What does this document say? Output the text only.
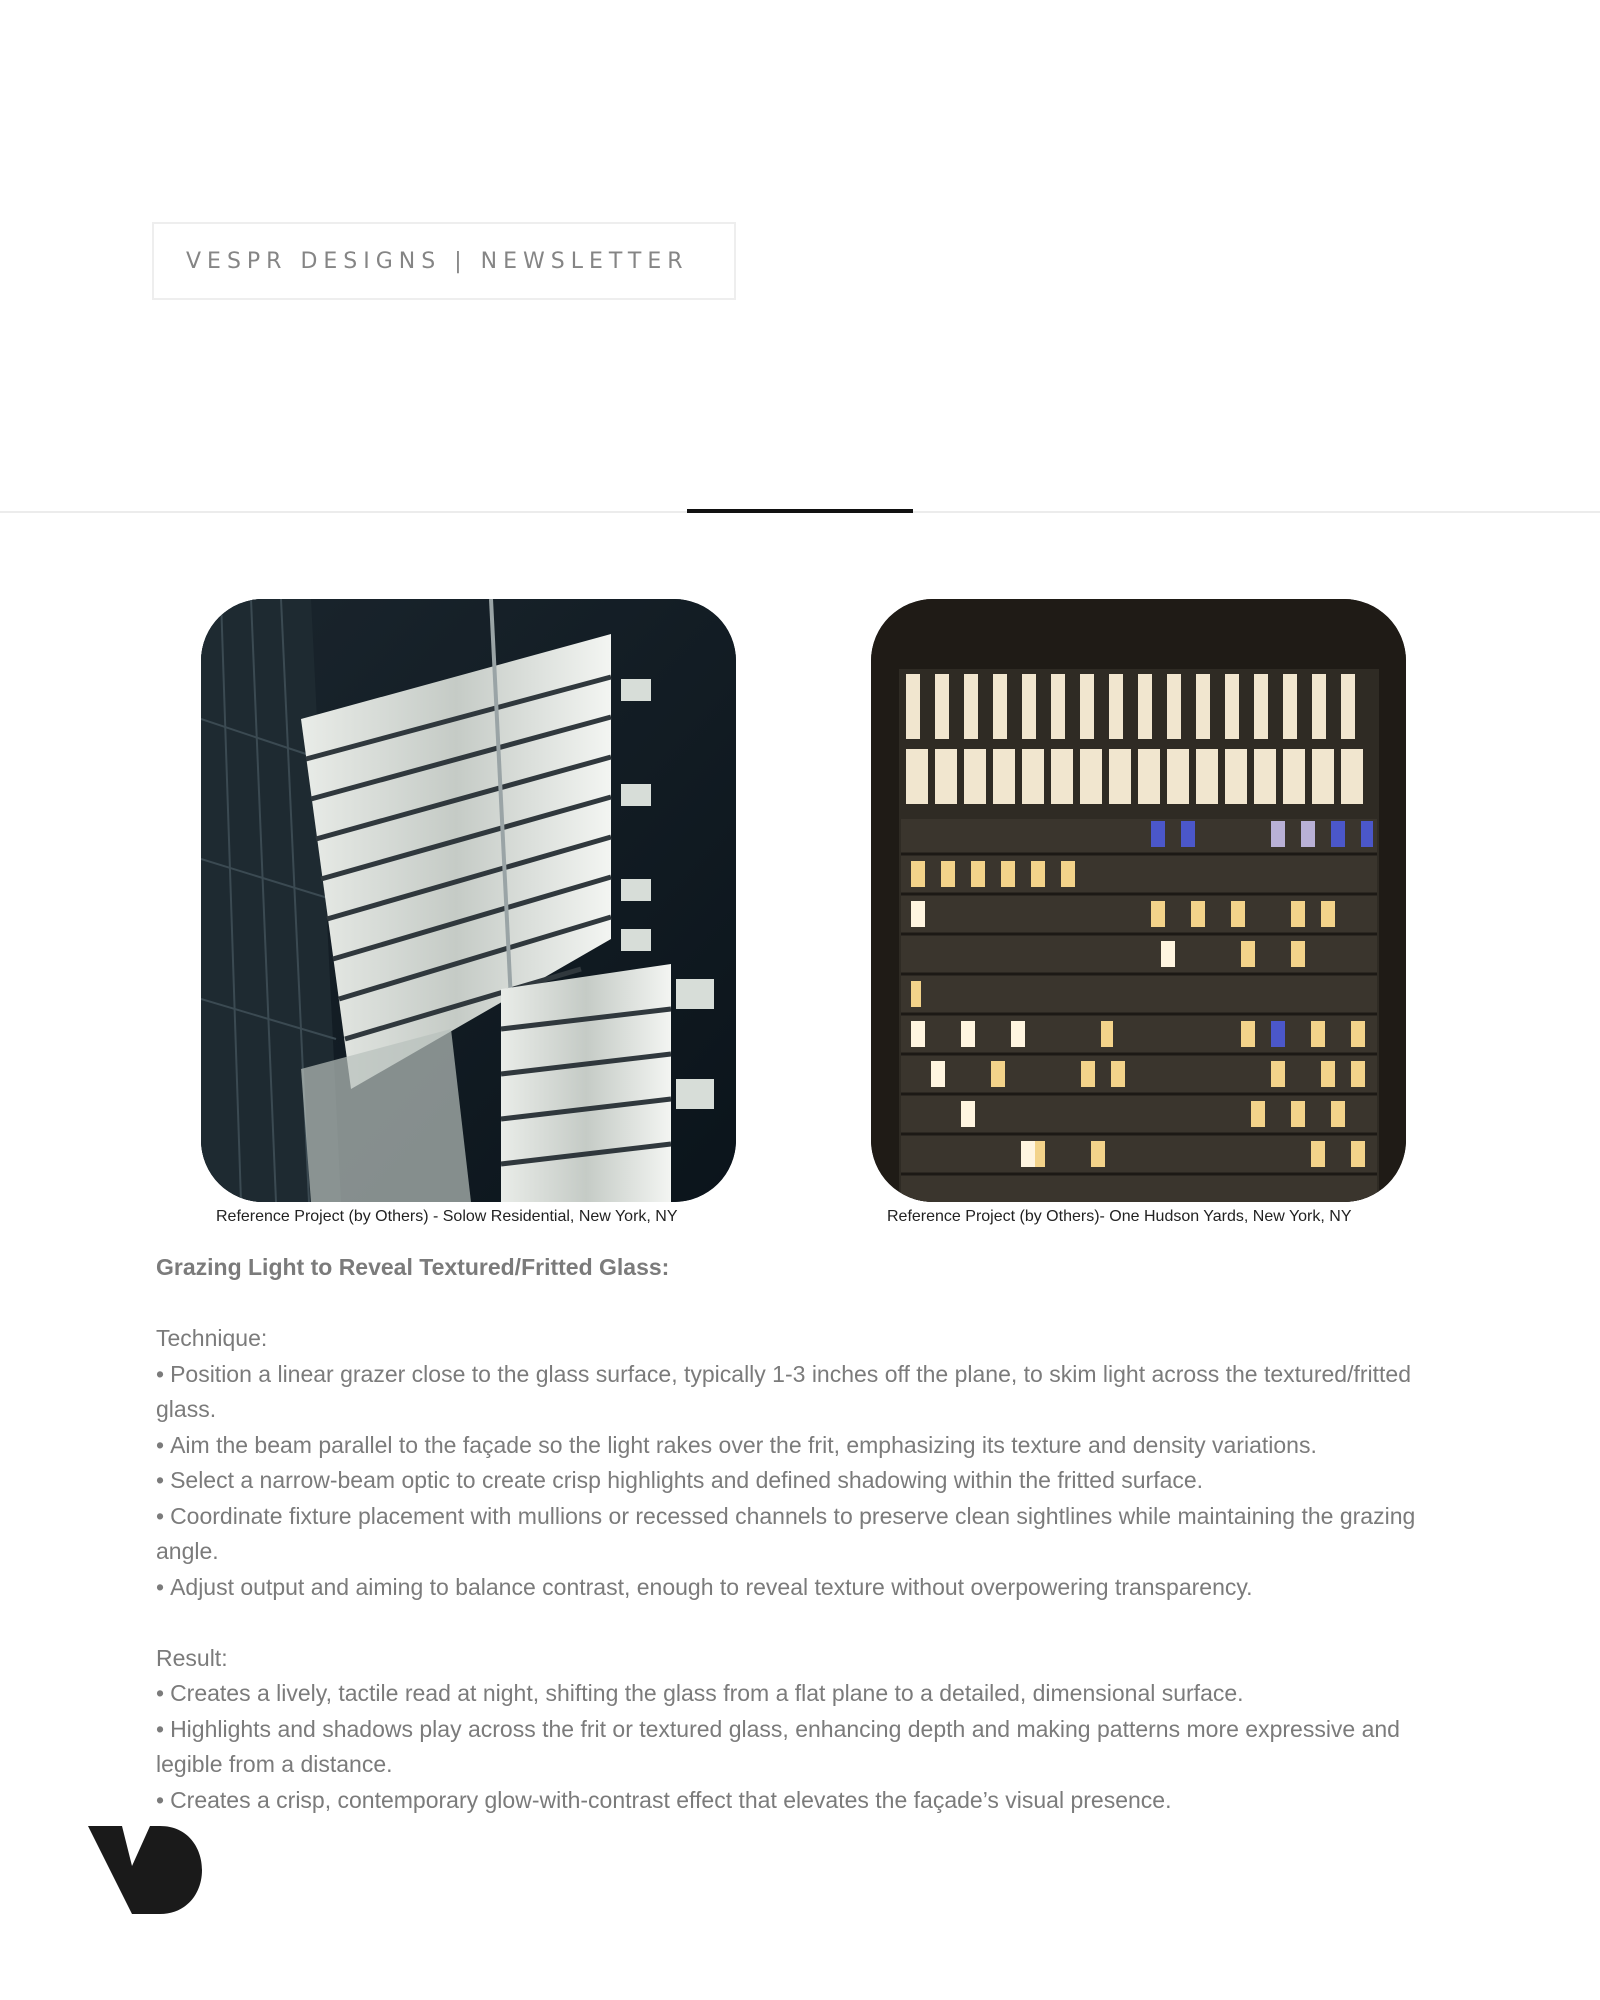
VESPR DESIGNS | NEWSLETTER
Reference Project (by Others) - Solow Residential, New York, NY	Reference Project (by Others)- One Hudson Yards, New York, NY

Grazing Light to Reveal Textured/Fritted Glass:

Technique:

• Position a linear grazer close to the glass surface, typically 1-3 inches off the plane, to skim light across the textured/fritted glass.
• Aim the beam parallel to the façade so the light rakes over the frit, emphasizing its texture and density variations.
• Select a narrow-beam optic to create crisp highlights and defined shadowing within the fritted surface.
• Coordinate fixture placement with mullions or recessed channels to preserve clean sightlines while maintaining the grazing angle.
• Adjust output and aiming to balance contrast, enough to reveal texture without overpowering transparency.

Result:

• Creates a lively, tactile read at night, shifting the glass from a flat plane to a detailed, dimensional surface.
• Highlights and shadows play across the frit or textured glass, enhancing depth and making patterns more expressive and legible from a distance.
• Creates a crisp, contemporary glow-with-contrast effect that elevates the façade’s visual presence.
